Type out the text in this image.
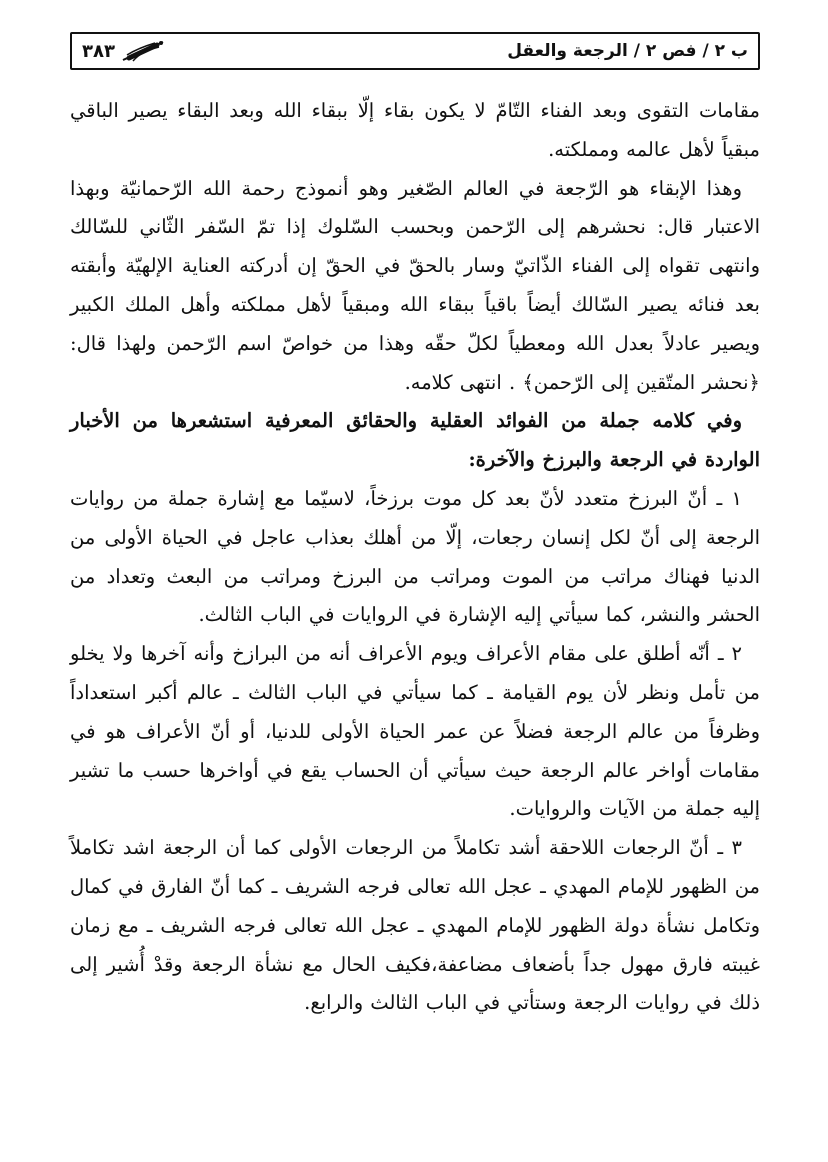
ب ٢ / فص ٢ / الرجعة والعقل
٣٨٣

مقامات التقوى وبعد الفناء التّامّ لا يكون بقاء إلّا ببقاء الله وبعد البقاء يصير الباقي مبقياً لأهل عالمه ومملكته.

وهذا الإبقاء هو الرّجعة في العالم الصّغير وهو أنموذج رحمة الله الرّحمانيّة وبهذا الاعتبار قال: نحشرهم إلى الرّحمن وبحسب السّلوك إذا تمّ السّفر الثّاني للسّالك وانتهى تقواه إلى الفناء الذّاتيّ وسار بالحقّ في الحقّ إن أدركته العناية الإلهيّة وأبقته بعد فنائه يصير السّالك أيضاً باقياً ببقاء الله ومبقياً لأهل مملكته وأهل الملك الكبير ويصير عادلاً بعدل الله ومعطياً لكلّ حقّه وهذا من خواصّ اسم الرّحمن ولهذا قال: ﴿نحشر المتّقين إلى الرّحمن﴾ . انتهى كلامه.

وفي كلامه جملة من الفوائد العقلية والحقائق المعرفية استشعرها من الأخبار الواردة في الرجعة والبرزخ والآخرة:

١ ـ أنّ البرزخ متعدد لأنّ بعد كل موت برزخاً، لاسيّما مع إشارة جملة من روايات الرجعة إلى أنّ لكل إنسان رجعات، إلّا من أهلك بعذاب عاجل في الحياة الأولى من الدنيا فهناك مراتب من الموت ومراتب من البرزخ ومراتب من البعث وتعداد من الحشر والنشر، كما سيأتي إليه الإشارة في الروايات في الباب الثالث.

٢ ـ أنّه أطلق على مقام الأعراف ويوم الأعراف أنه من البرازخ وأنه آخرها ولا يخلو من تأمل ونظر لأن يوم القيامة ـ كما سيأتي في الباب الثالث ـ عالم أكبر استعداداً وظرفاً من عالم الرجعة فضلاً عن عمر الحياة الأولى للدنيا، أو أنّ الأعراف هو في مقامات أواخر عالم الرجعة حيث سيأتي أن الحساب يقع في أواخرها حسب ما تشير إليه جملة من الآيات والروايات.

٣ ـ أنّ الرجعات اللاحقة أشد تكاملاً من الرجعات الأولى كما أن الرجعة اشد تكاملاً من الظهور للإمام المهدي ـ عجل الله تعالى فرجه الشريف ـ كما أنّ الفارق في كمال وتكامل نشأة دولة الظهور للإمام المهدي ـ عجل الله تعالى فرجه الشريف ـ مع زمان غيبته فارق مهول جداً بأضعاف مضاعفة،فكيف الحال مع نشأة الرجعة وقدْ أُشير إلى ذلك في روايات الرجعة وستأتي في الباب الثالث والرابع.
